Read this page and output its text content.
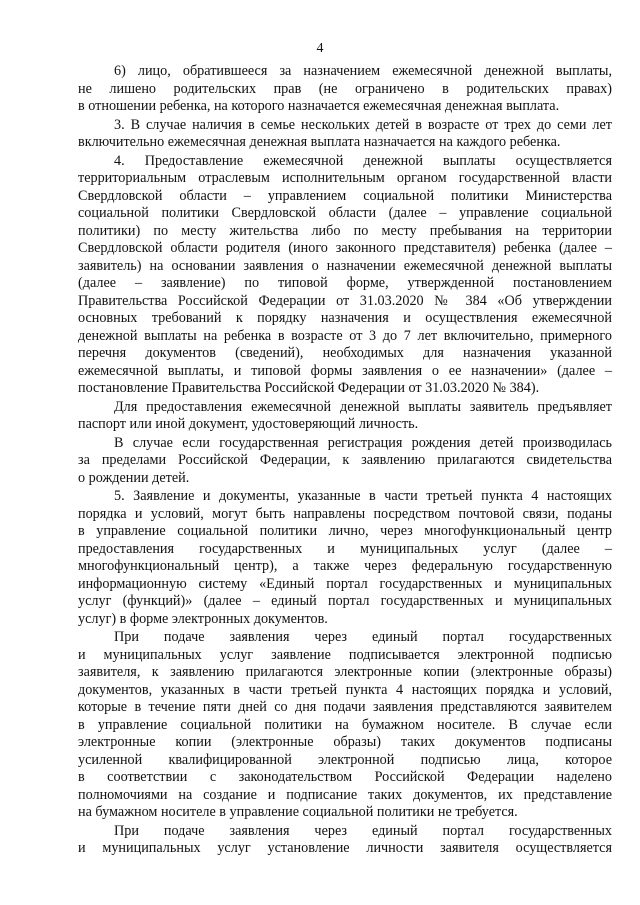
4
6) лицо, обратившееся за назначением ежемесячной денежной выплаты,
не лишено родительских прав (не ограничено в родительских правах)
в отношении ребенка, на которого назначается ежемесячная денежная выплата.
3. В случае наличия в семье нескольких детей в возрасте от трех до семи лет
включительно ежемесячная денежная выплата назначается на каждого ребенка.
4. Предоставление ежемесячной денежной выплаты осуществляется
территориальным отраслевым исполнительным органом государственной власти
Свердловской области – управлением социальной политики Министерства
социальной политики Свердловской области (далее – управление социальной
политики) по месту жительства либо по месту пребывания на территории
Свердловской области родителя (иного законного представителя) ребенка (далее –
заявитель) на основании заявления о назначении ежемесячной денежной выплаты
(далее – заявление) по типовой форме, утвержденной постановлением
Правительства Российской Федерации от 31.03.2020 № 384 «Об утверждении
основных требований к порядку назначения и осуществления ежемесячной
денежной выплаты на ребенка в возрасте от 3 до 7 лет включительно, примерного
перечня документов (сведений), необходимых для назначения указанной
ежемесячной выплаты, и типовой формы заявления о ее назначении» (далее –
постановление Правительства Российской Федерации от 31.03.2020 № 384).
Для предоставления ежемесячной денежной выплаты заявитель предъявляет
паспорт или иной документ, удостоверяющий личность.
В случае если государственная регистрация рождения детей производилась
за пределами Российской Федерации, к заявлению прилагаются свидетельства
о рождении детей.
5. Заявление и документы, указанные в части третьей пункта 4 настоящих
порядка и условий, могут быть направлены посредством почтовой связи, поданы
в управление социальной политики лично, через многофункциональный центр
предоставления государственных и муниципальных услуг (далее –
многофункциональный центр), а также через федеральную государственную
информационную систему «Единый портал государственных и муниципальных
услуг (функций)» (далее – единый портал государственных и муниципальных
услуг) в форме электронных документов.
При подаче заявления через единый портал государственных
и муниципальных услуг заявление подписывается электронной подписью
заявителя, к заявлению прилагаются электронные копии (электронные образы)
документов, указанных в части третьей пункта 4 настоящих порядка и условий,
которые в течение пяти дней со дня подачи заявления представляются заявителем
в управление социальной политики на бумажном носителе. В случае если
электронные копии (электронные образы) таких документов подписаны
усиленной квалифицированной электронной подписью лица, которое
в соответствии с законодательством Российской Федерации наделено
полномочиями на создание и подписание таких документов, их представление
на бумажном носителе в управление социальной политики не требуется.
При подаче заявления через единый портал государственных
и муниципальных услуг установление личности заявителя осуществляется
